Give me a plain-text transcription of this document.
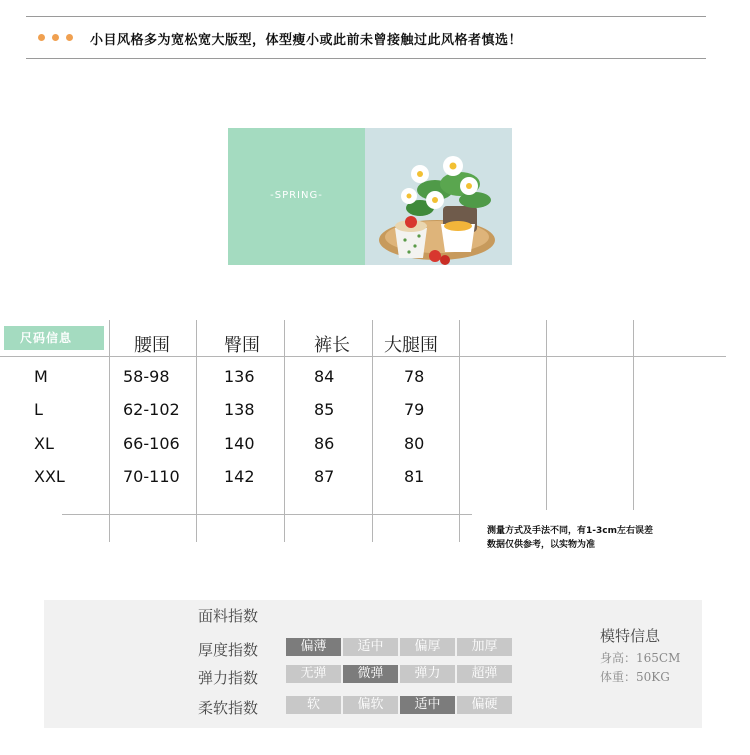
小目风格多为宽松宽大版型，体型瘦小或此前未曾接触过此风格者慎选！
-SPRING-
尺码信息	腰围	臀围	裤长 大腿围
M	58-98	136	84	78
L	62-102	138	85	79
XL	66-106	140	86	80
XXL	70-110	142	87	81
测量方式及手法不同，有1-3cm左右误差
数据仅供参考，以实物为准
面料指数
厚度指数	偏薄	适中	偏厚	加厚
弹力指数	无弹	微弹	弹力	超弹
柔软指数	软	偏软	适中	偏硬
模特信息
身高：165CM
体重：50KG
